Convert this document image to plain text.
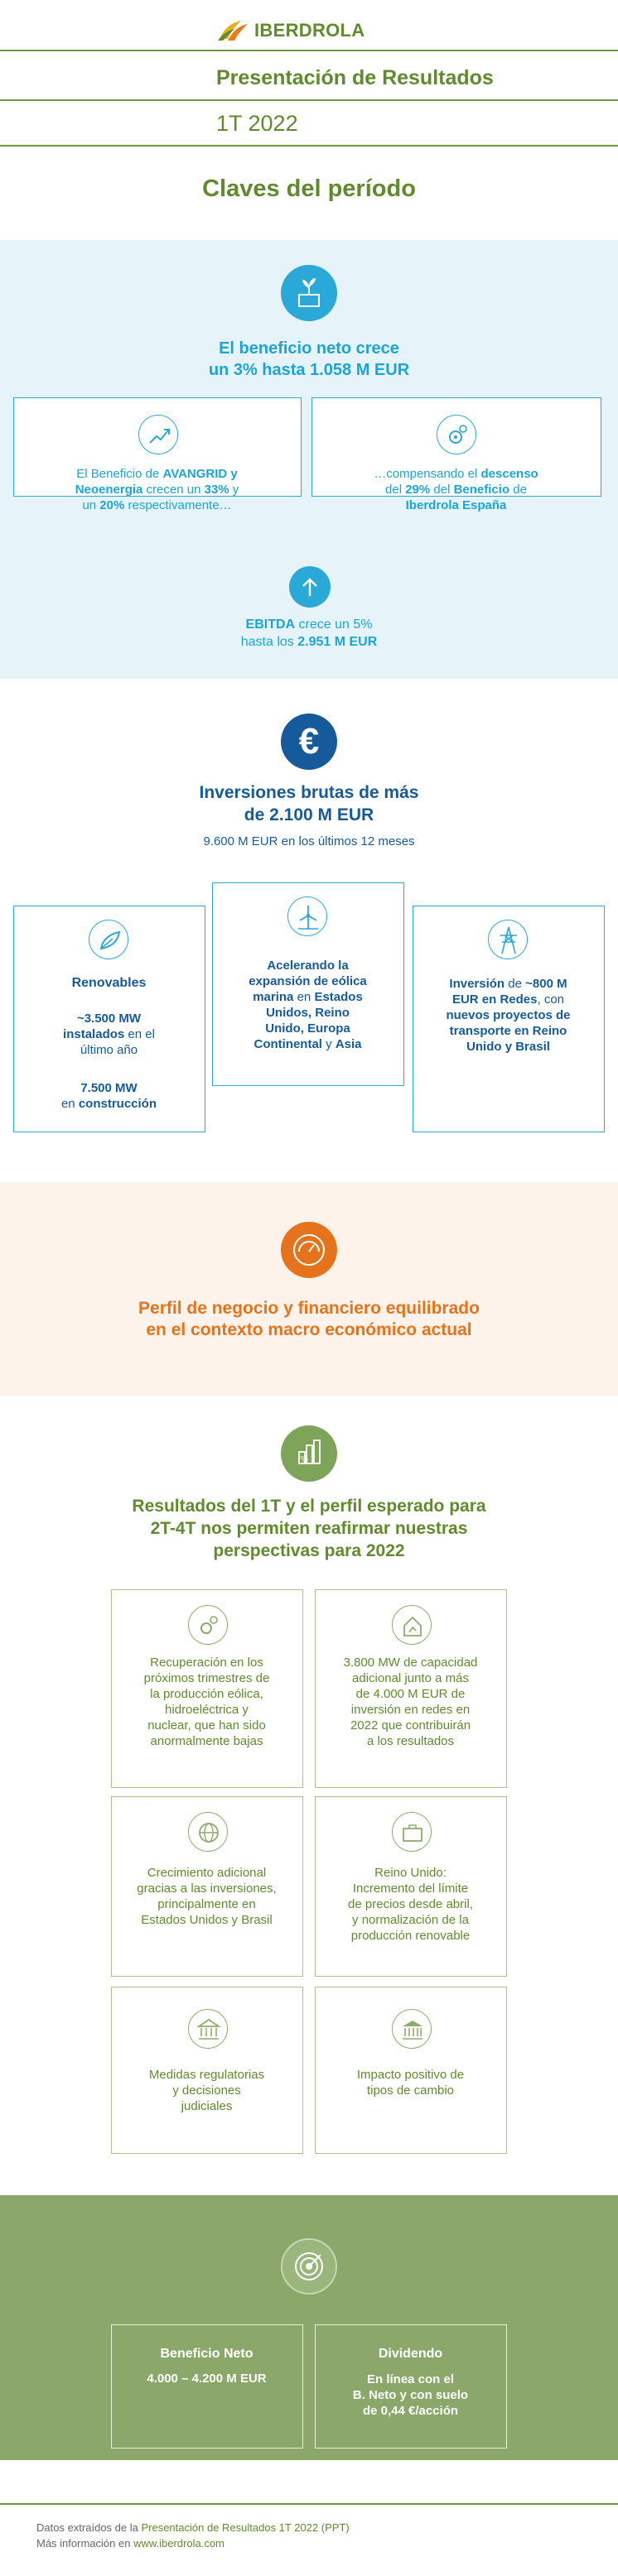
IBERDROLA
Presentación de Resultados
1T 2022
Claves del período
El beneficio neto crece
un 3% hasta 1.058 M EUR
El Beneficio de AVANGRID y
Neoenergia crecen un 33% y
un 20% respectivamente…
…compensando el descenso
del 29% del Beneficio de
Iberdrola España
EBITDA crece un 5%
hasta los 2.951 M EUR
€
Inversiones brutas de más
de 2.100 M EUR
9.600 M EUR en los últimos 12 meses
Renovables
~3.500 MW
instalados en el
último año
7.500 MW
en construcción
Acelerando la
expansión de eólica
marina en Estados
Unidos, Reino
Unido, Europa
Continental y Asia
Inversión de ~800 M
EUR en Redes, con
nuevos proyectos de
transporte en Reino
Unido y Brasil
Perfil de negocio y financiero equilibrado
en el contexto macro económico actual
%
Resultados del 1T y el perfil esperado para
2T-4T nos permiten reafirmar nuestras
perspectivas para 2022
Recuperación en los
próximos trimestres de
la producción eólica,
hidroeléctrica y
nuclear, que han sido
anormalmente bajas
3.800 MW de capacidad
adicional junto a más
de 4.000 M EUR de
inversión en redes en
2022 que contribuirán
a los resultados
Crecimiento adicional
gracias a las inversiones,
principalmente en
Estados Unidos y Brasil
Reino Unido:
Incremento del límite
de precios desde abril,
y normalización de la
producción renovable
Medidas regulatorias
y decisiones
judiciales
Impacto positivo de
tipos de cambio
Beneficio Neto
4.000 – 4.200 M EUR
Dividendo
En línea con el
B. Neto y con suelo
de 0,44 €/acción
Datos extraídos de la Presentación de Resultados 1T 2022 (PPT)
Más información en www.iberdrola.com
